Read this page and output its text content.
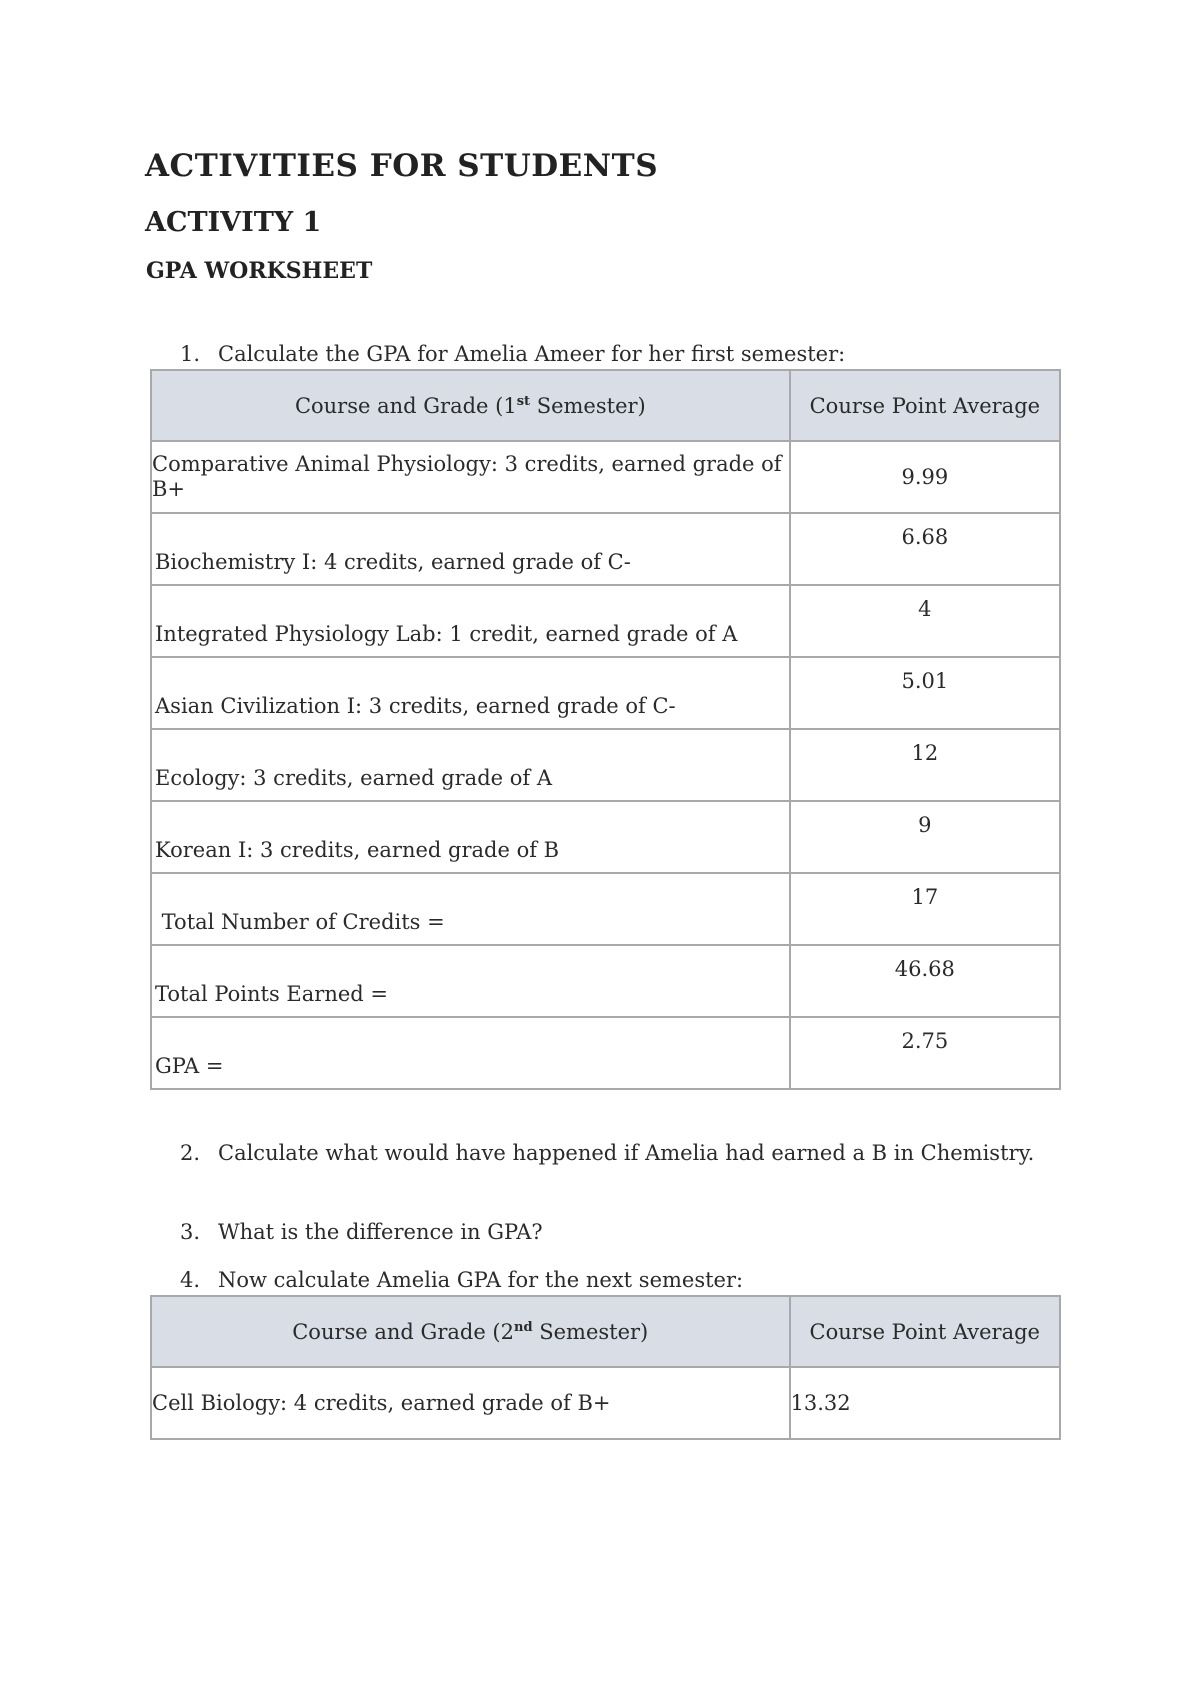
ACTIVITIES FOR STUDENTS
ACTIVITY 1
GPA WORKSHEET
1. Calculate the GPA for Amelia Ameer for her first semester:
Course and Grade (1st Semester)	Course Point Average
Comparative Animal Physiology: 3 credits, earned grade of B+	9.99

Biochemistry I: 4 credits, earned grade of C-	6.68

Integrated Physiology Lab: 1 credit, earned grade of A	4

Asian Civilization I: 3 credits, earned grade of C-	5.01

Ecology: 3 credits, earned grade of A	12

Korean I: 3 credits, earned grade of B	9

Total Number of Credits =	17

Total Points Earned =	46.68

GPA =	2.75
2. Calculate what would have happened if Amelia had earned a B in Chemistry.
3. What is the difference in GPA?
4. Now calculate Amelia GPA for the next semester:
Course and Grade (2nd Semester)	Course Point Average
Cell Biology: 4 credits, earned grade of B+	13.32
